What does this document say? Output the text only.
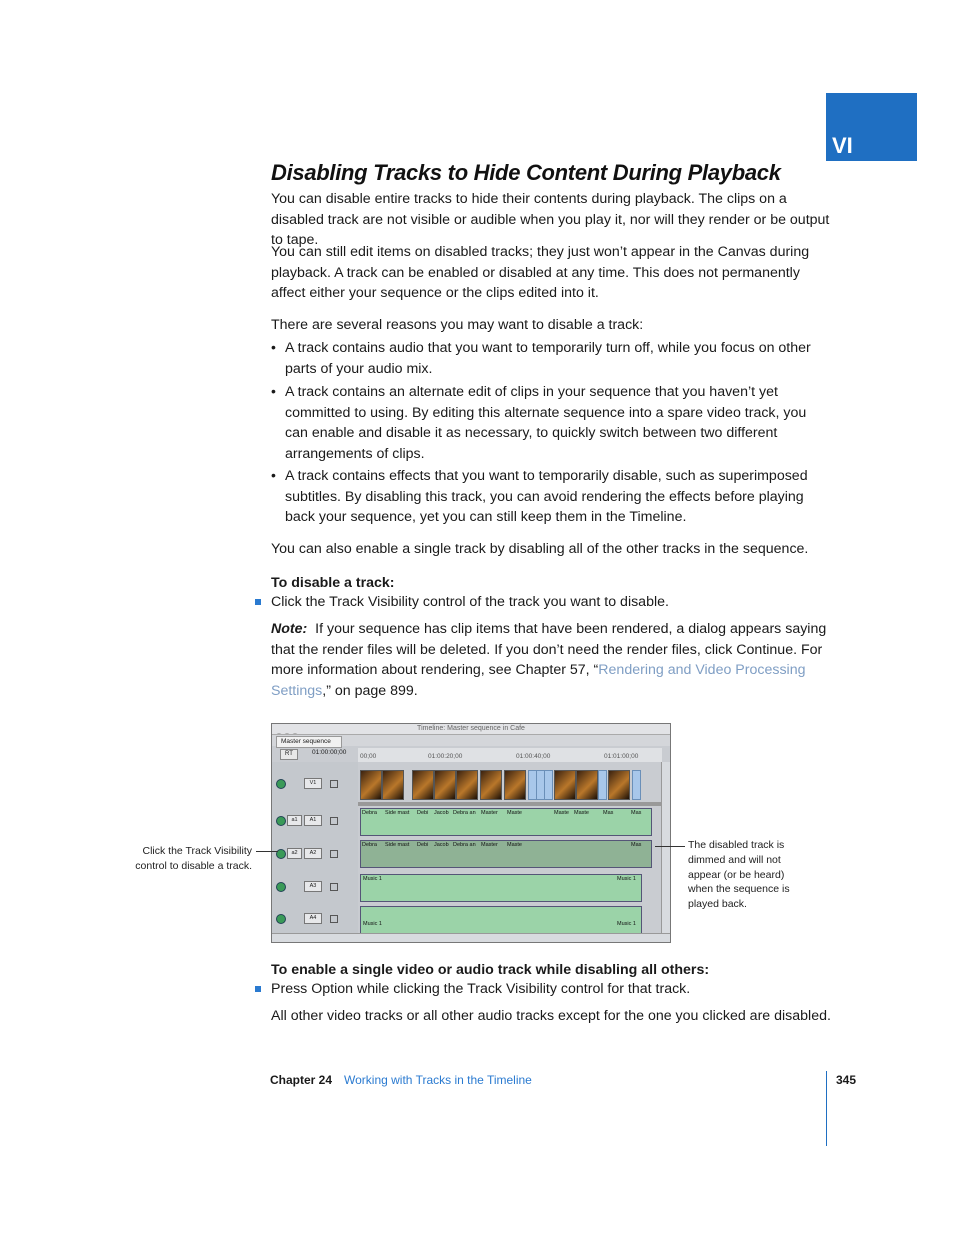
VI
Disabling Tracks to Hide Content During Playback

You can disable entire tracks to hide their contents during playback. The clips on a disabled track are not visible or audible when you play it, nor will they render or be output to tape.

You can still edit items on disabled tracks; they just won’t appear in the Canvas during playback. A track can be enabled or disabled at any time. This does not permanently affect either your sequence or the clips edited into it.

There are several reasons you may want to disable a track:

• A track contains audio that you want to temporarily turn off, while you focus on other parts of your audio mix.
• A track contains an alternate edit of clips in your sequence that you haven’t yet committed to using. By editing this alternate sequence into a spare video track, you can enable and disable it as necessary, to quickly switch between two different arrangements of clips.
• A track contains effects that you want to temporarily disable, such as superimposed subtitles. By disabling this track, you can avoid rendering the effects before playing back your sequence, yet you can still keep them in the Timeline.

You can also enable a single track by disabling all of the other tracks in the sequence.

To disable a track:

Click the Track Visibility control of the track you want to disable.

Note: If your sequence has clip items that have been rendered, a dialog appears saying that the render files will be deleted. If you don’t need the render files, click Continue. For more information about rendering, see Chapter 57, “Rendering and Video Processing Settings,” on page 899.

Timeline: Master sequence in Cafe
Master sequence
RT	01:00:00;00
00;00	01:00:20;00	01:00:40;00	01:01:00;00
V1
a1	A1
a2	A2
A3
A4
Debra Side mast Debi Jacob Debra an Master Maste	Maste Maste	Mas	Mas
Debra Side mast Debi Jacob Debra an Master Maste	Mas
Music 1	Music 1
Music 1	Music 1
Click the Track Visibility control to disable a track.
The disabled track is dimmed and will not appear (or be heard) when the sequence is played back.

To enable a single video or audio track while disabling all others:

Press Option while clicking the Track Visibility control for that track.

All other video tracks or all other audio tracks except for the one you clicked are disabled.

Chapter 24 Working with Tracks in the Timeline	345
